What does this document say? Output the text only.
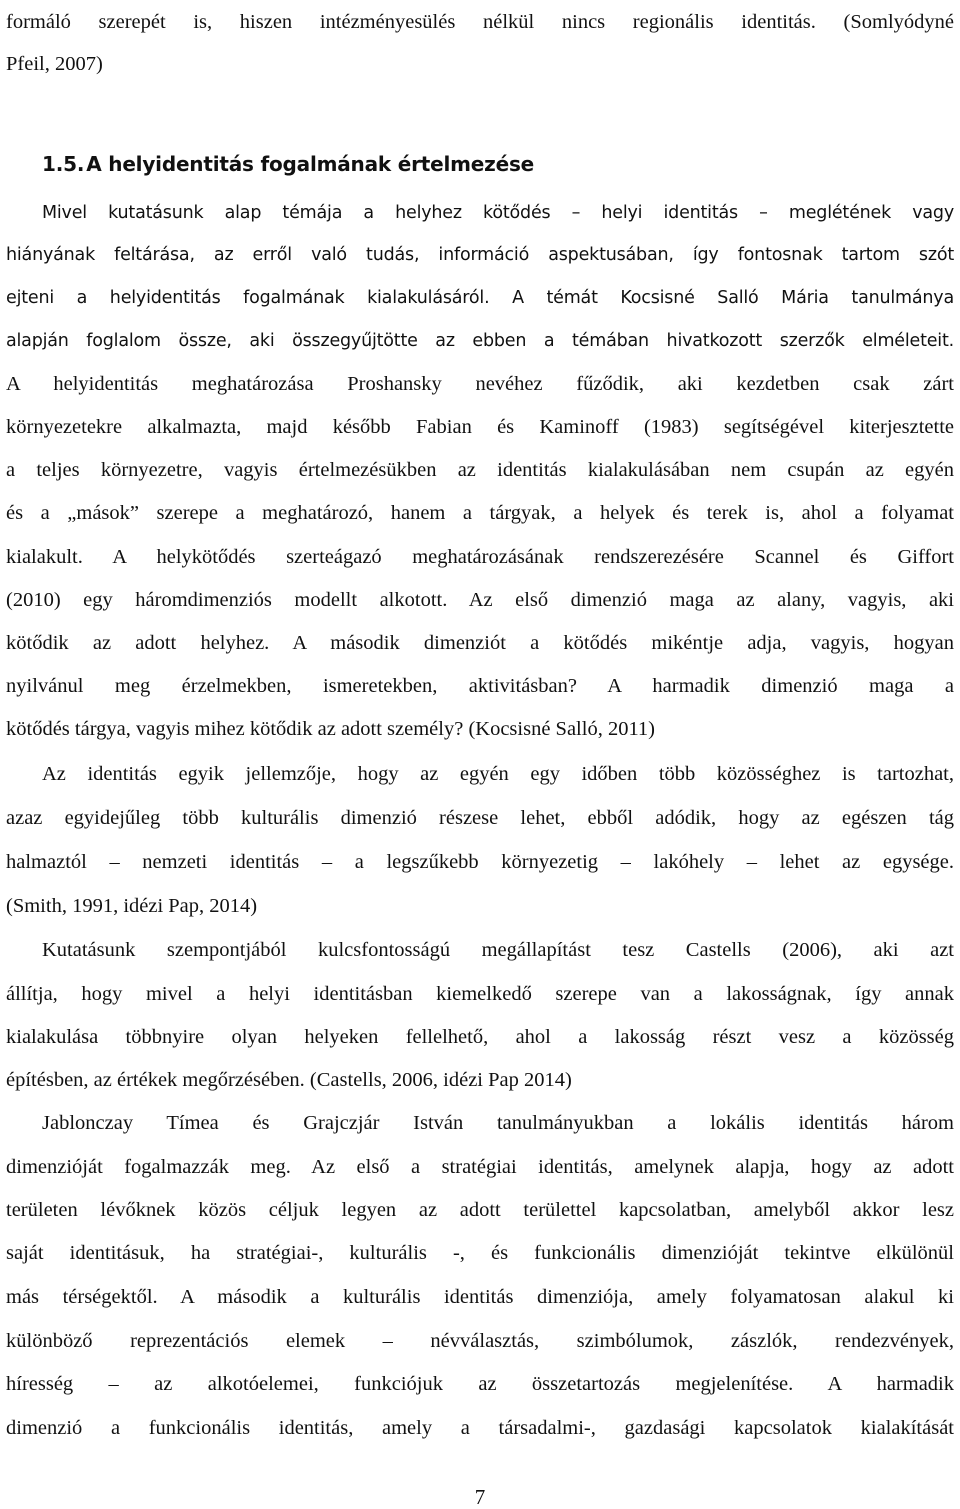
formáló szerepét is, hiszen intézményesülés nélkül nincs regionális identitás. (Somlyódyné
Pfeil, 2007)
1.5. A helyidentitás fogalmának értelmezése
Mivel kutatásunk alap témája a helyhez kötődés – helyi identitás – meglétének vagy
hiányának feltárása, az erről való tudás, információ aspektusában, így fontosnak tartom szót
ejteni a helyidentitás fogalmának kialakulásáról. A témát Kocsisné Salló Mária tanulmánya
alapján foglalom össze, aki összegyűjtötte az ebben a témában hivatkozott szerzők elméleteit.
A helyidentitás meghatározása Proshansky nevéhez fűződik, aki kezdetben csak zárt
környezetekre alkalmazta, majd később Fabian és Kaminoff (1983) segítségével kiterjesztette
a teljes környezetre, vagyis értelmezésükben az identitás kialakulásában nem csupán az egyén
és a „mások” szerepe a meghatározó, hanem a tárgyak, a helyek és terek is, ahol a folyamat
kialakult. A helykötődés szerteágazó meghatározásának rendszerezésére Scannel és Giffort
(2010) egy háromdimenziós modellt alkotott. Az első dimenzió maga az alany, vagyis, aki
kötődik az adott helyhez. A második dimenziót a kötődés mikéntje adja, vagyis, hogyan
nyilvánul meg érzelmekben, ismeretekben, aktivitásban? A harmadik dimenzió maga a
kötődés tárgya, vagyis mihez kötődik az adott személy? (Kocsisné Salló, 2011)
Az identitás egyik jellemzője, hogy az egyén egy időben több közösséghez is tartozhat,
azaz egyidejűleg több kulturális dimenzió részese lehet, ebből adódik, hogy az egészen tág
halmaztól – nemzeti identitás – a legszűkebb környezetig – lakóhely – lehet az egysége.
(Smith, 1991, idézi Pap, 2014)
Kutatásunk szempontjából kulcsfontosságú megállapítást tesz Castells (2006), aki azt
állítja, hogy mivel a helyi identitásban kiemelkedő szerepe van a lakosságnak, így annak
kialakulása többnyire olyan helyeken fellelhető, ahol a lakosság részt vesz a közösség
építésben, az értékek megőrzésében. (Castells, 2006, idézi Pap 2014)
Jablonczay Tímea és Grajczjár István tanulmányukban a lokális identitás három
dimenzióját fogalmazzák meg. Az első a stratégiai identitás, amelynek alapja, hogy az adott
területen lévőknek közös céljuk legyen az adott területtel kapcsolatban, amelyből akkor lesz
saját identitásuk, ha stratégiai-, kulturális -, és funkcionális dimenzióját tekintve elkülönül
más térségektől. A második a kulturális identitás dimenziója, amely folyamatosan alakul ki
különböző reprezentációs elemek – névválasztás, szimbólumok, zászlók, rendezvények,
híresség – az alkotóelemei, funkciójuk az összetartozás megjelenítése. A harmadik
dimenzió a funkcionális identitás, amely a társadalmi-, gazdasági kapcsolatok kialakítását
7
